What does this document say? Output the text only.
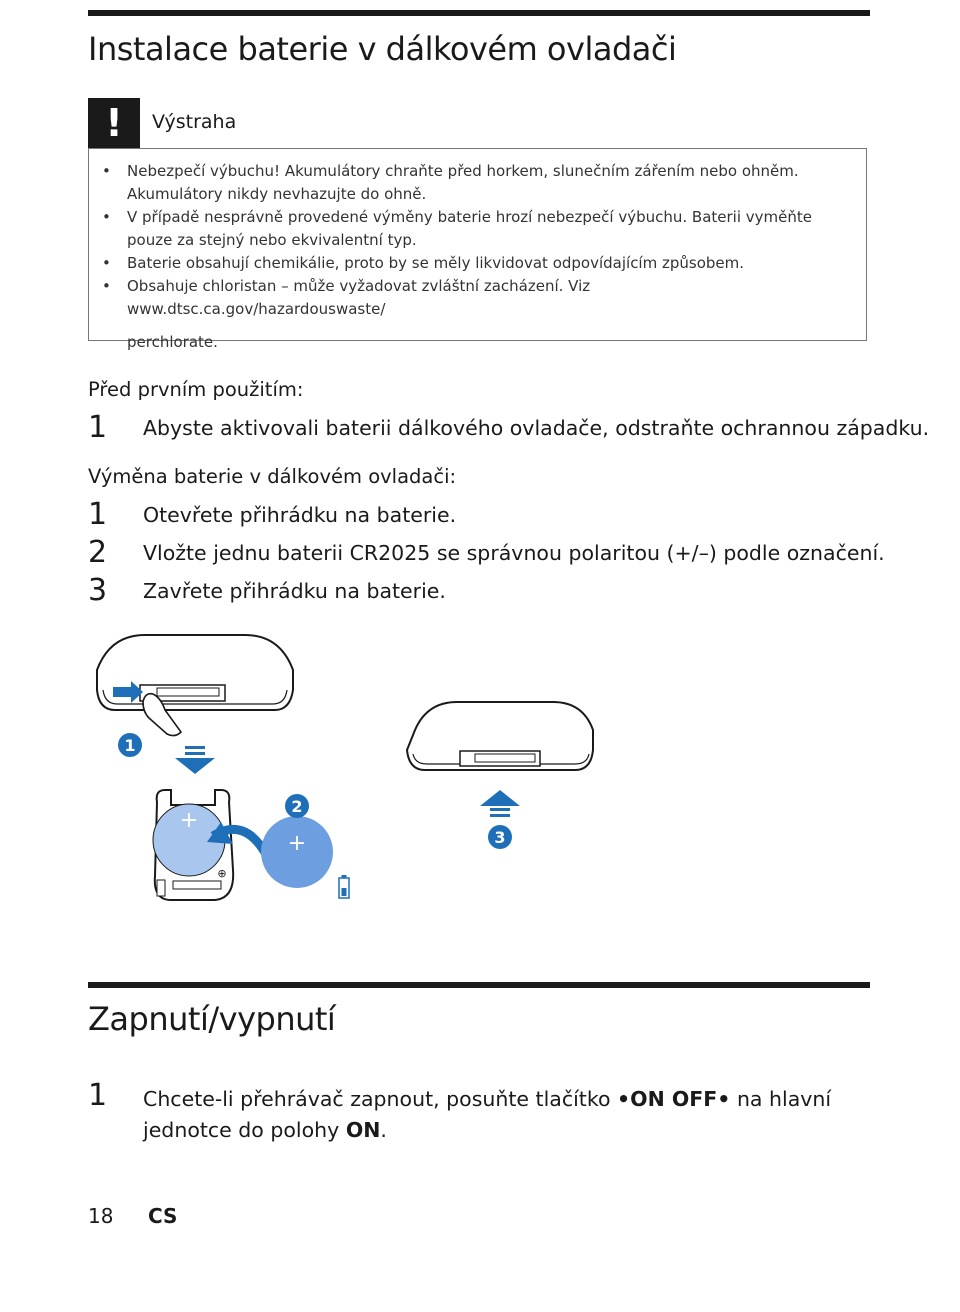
Instalace baterie v dálkovém ovladači
!	Výstraha
• Nebezpečí výbuchu! Akumulátory chraňte před horkem, slunečním zářením nebo ohněm. Akumulátory nikdy nevhazujte do ohně.
• V případě nesprávně provedené výměny baterie hrozí nebezpečí výbuchu. Baterii vyměňte pouze za stejný nebo ekvivalentní typ.
• Baterie obsahují chemikálie, proto by se měly likvidovat odpovídajícím způsobem.
• Obsahuje chloristan – může vyžadovat zvláštní zacházení. Viz www.dtsc.ca.gov/hazardouswaste/
perchlorate.
Před prvním použitím:
1 Abyste aktivovali baterii dálkového ovladače, odstraňte ochrannou západku.
Výměna baterie v dálkovém ovladači:
1 Otevřete přihrádku na baterie.
2 Vložte jednu baterii CR2025 se správnou polaritou (+/–) podle označení.
3 Zavřete přihrádku na baterie.
1
+
⊕
+
2
3
Zapnutí/vypnutí
1 Chcete-li přehrávač zapnout, posuňte tlačítko •ON OFF• na hlavní jednotce do polohy ON.
18 CS
